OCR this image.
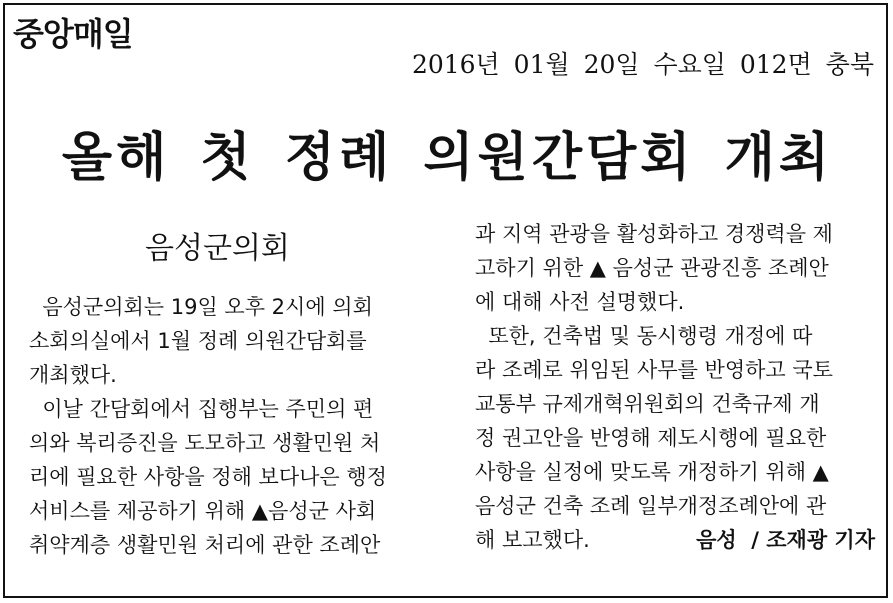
중앙매일
2016년 01월 20일 수요일 012면 충북
올해 첫 정례 의원간담회 개최
음성군의회
음성군의회는 19일 오후 2시에 의회
소회의실에서 1월 정례 의원간담회를
개최했다.
이날 간담회에서 집행부는 주민의 편
의와 복리증진을 도모하고 생활민원 처
리에 필요한 사항을 정해 보다나은 행정
서비스를 제공하기 위해 ▲음성군 사회
취약계층 생활민원 처리에 관한 조례안
과 지역 관광을 활성화하고 경쟁력을 제
고하기 위한 ▲ 음성군 관광진흥 조례안
에 대해 사전 설명했다.
또한, 건축법 및 동시행령 개정에 따
라 조례로 위임된 사무를 반영하고 국토
교통부 규제개혁위원회의 건축규제 개
정 권고안을 반영해 제도시행에 필요한
사항을 실정에 맞도록 개정하기 위해 ▲
음성군 건축 조례 일부개정조례안에 관
해 보고했다.	음성  / 조재광 기자
